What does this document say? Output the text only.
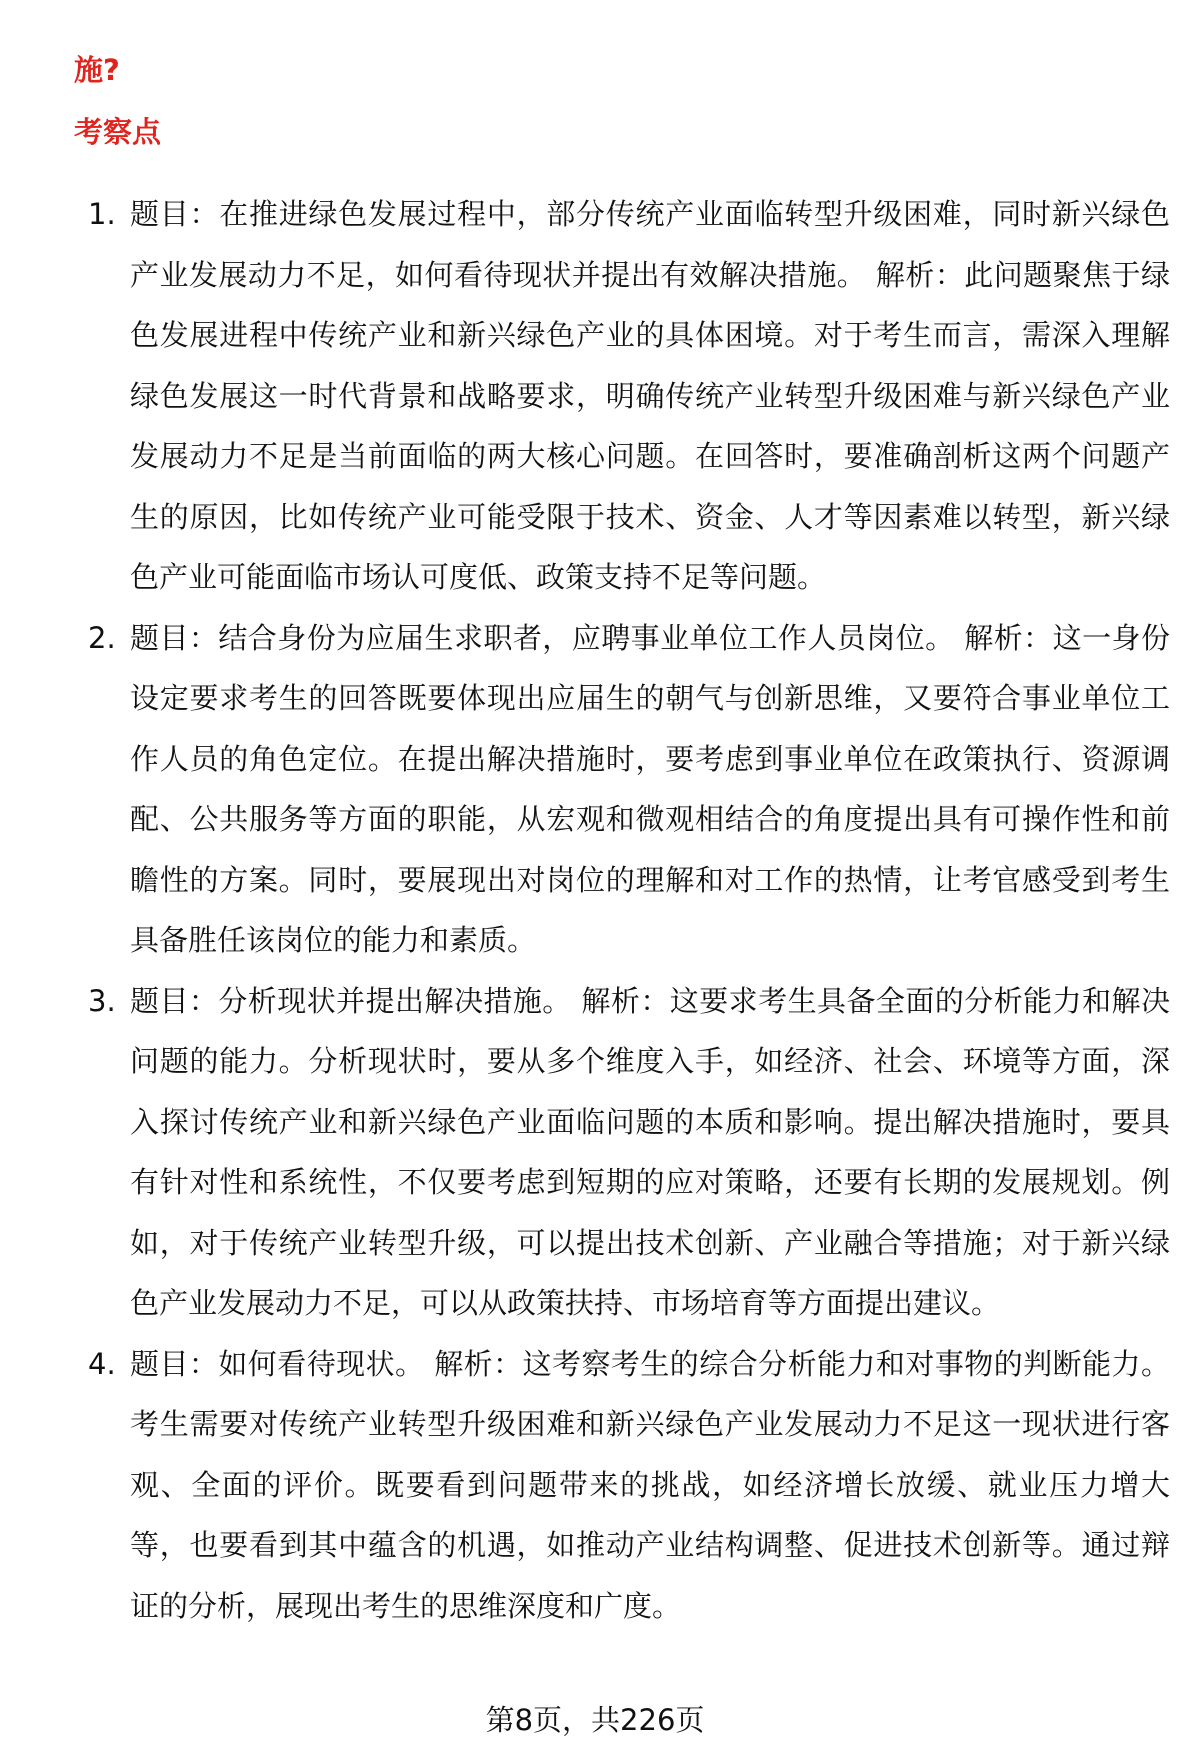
施?

考察点

1. 题目：在推进绿色发展过程中，部分传统产业面临转型升级困难，同时新兴绿色产业发展动力不足，如何看待现状并提出有效解决措施。 解析：此问题聚焦于绿色发展进程中传统产业和新兴绿色产业的具体困境。对于考生而言，需深入理解绿色发展这一时代背景和战略要求，明确传统产业转型升级困难与新兴绿色产业发展动力不足是当前面临的两大核心问题。在回答时，要准确剖析这两个问题产生的原因，比如传统产业可能受限于技术、资金、人才等因素难以转型，新兴绿色产业可能面临市场认可度低、政策支持不足等问题。
2. 题目：结合身份为应届生求职者，应聘事业单位工作人员岗位。 解析：这一身份设定要求考生的回答既要体现出应届生的朝气与创新思维，又要符合事业单位工作人员的角色定位。在提出解决措施时，要考虑到事业单位在政策执行、资源调配、公共服务等方面的职能，从宏观和微观相结合的角度提出具有可操作性和前瞻性的方案。同时，要展现出对岗位的理解和对工作的热情，让考官感受到考生具备胜任该岗位的能力和素质。
3. 题目：分析现状并提出解决措施。 解析：这要求考生具备全面的分析能力和解决问题的能力。分析现状时，要从多个维度入手，如经济、社会、环境等方面，深入探讨传统产业和新兴绿色产业面临问题的本质和影响。提出解决措施时，要具有针对性和系统性，不仅要考虑到短期的应对策略，还要有长期的发展规划。例如，对于传统产业转型升级，可以提出技术创新、产业融合等措施；对于新兴绿色产业发展动力不足，可以从政策扶持、市场培育等方面提出建议。
4. 题目：如何看待现状。 解析：这考察考生的综合分析能力和对事物的判断能力。考生需要对传统产业转型升级困难和新兴绿色产业发展动力不足这一现状进行客观、全面的评价。既要看到问题带来的挑战，如经济增长放缓、就业压力增大等，也要看到其中蕴含的机遇，如推动产业结构调整、促进技术创新等。通过辩证的分析，展现出考生的思维深度和广度。
第8页，共226页
